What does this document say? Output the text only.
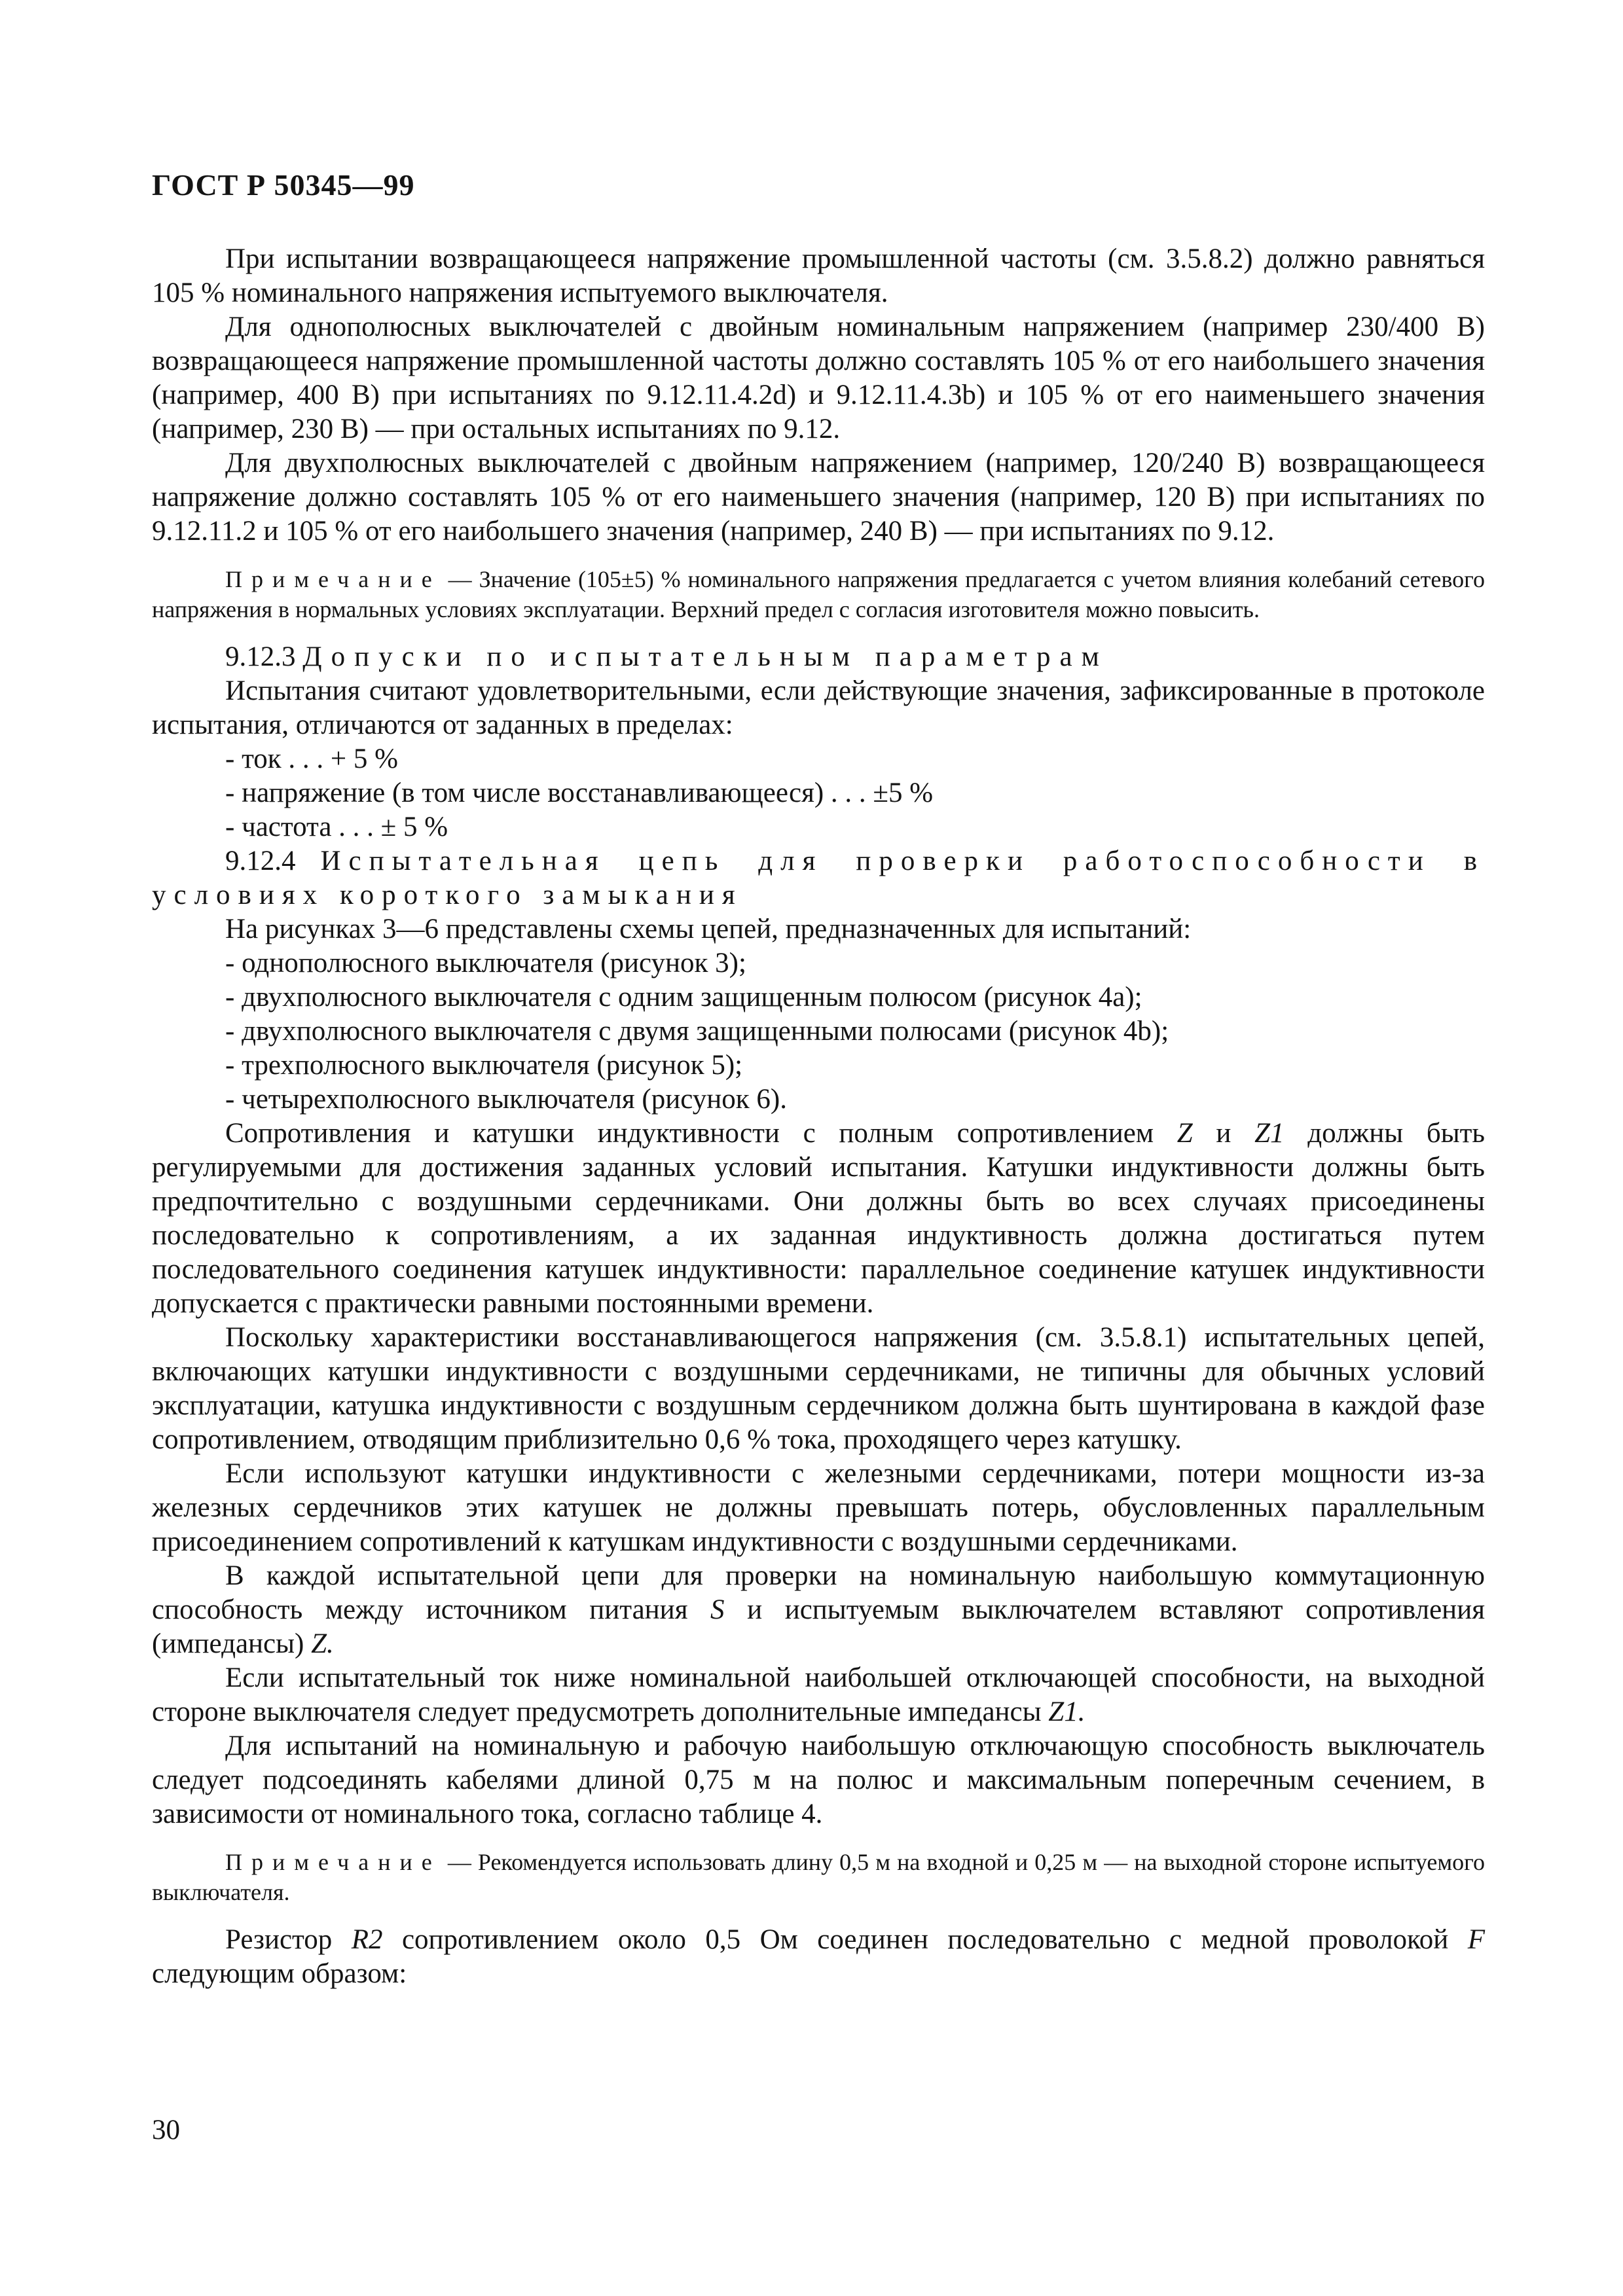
ГОСТ Р 50345—99

При испытании возвращающееся напряжение промышленной частоты (см. 3.5.8.2) должно равняться 105 % номинального напряжения испытуемого выключателя.

Для однополюсных выключателей с двойным номинальным напряжением (например 230/400 В) возвращающееся напряжение промышленной частоты должно составлять 105 % от его наибольшего значения (например, 400 В) при испытаниях по 9.12.11.4.2d) и 9.12.11.4.3b) и 105 % от его наименьшего значения (например, 230 В) — при остальных испытаниях по 9.12.

Для двухполюсных выключателей с двойным напряжением (например, 120/240 В) возвращающееся напряжение должно составлять 105 % от его наименьшего значения (например, 120 В) при испытаниях по 9.12.11.2 и 105 % от его наибольшего значения (например, 240 В) — при испытаниях по 9.12.

Примечание — Значение (105±5) % номинального напряжения предлагается с учетом влияния колебаний сетевого напряжения в нормальных условиях эксплуатации. Верхний предел с согласия изготовителя можно повысить.

9.12.3 Допуски по испытательным параметрам

Испытания считают удовлетворительными, если действующие значения, зафиксированные в протоколе испытания, отличаются от заданных в пределах:

- ток . . . + 5 %

- напряжение (в том числе восстанавливающееся) . . . ±5 %

- частота . . . ± 5 %

9.12.4 Испытательная цепь для проверки работоспособности в условиях короткого замыкания

На рисунках 3—6 представлены схемы цепей, предназначенных для испытаний:

- однополюсного выключателя (рисунок 3);

- двухполюсного выключателя с одним защищенным полюсом (рисунок 4а);

- двухполюсного выключателя с двумя защищенными полюсами (рисунок 4b);

- трехполюсного выключателя (рисунок 5);

- четырехполюсного выключателя (рисунок 6).

Сопротивления и катушки индуктивности с полным сопротивлением Z и Z1 должны быть регулируемыми для достижения заданных условий испытания. Катушки индуктивности должны быть предпочтительно с воздушными сердечниками. Они должны быть во всех случаях присоединены последовательно к сопротивлениям, а их заданная индуктивность должна достигаться путем последовательного соединения катушек индуктивности: параллельное соединение катушек индуктивности допускается с практически равными постоянными времени.

Поскольку характеристики восстанавливающегося напряжения (см. 3.5.8.1) испытательных цепей, включающих катушки индуктивности с воздушными сердечниками, не типичны для обычных условий эксплуатации, катушка индуктивности с воздушным сердечником должна быть шунтирована в каждой фазе сопротивлением, отводящим приблизительно 0,6 % тока, проходящего через катушку.

Если используют катушки индуктивности с железными сердечниками, потери мощности из-за железных сердечников этих катушек не должны превышать потерь, обусловленных параллельным присоединением сопротивлений к катушкам индуктивности с воздушными сердечниками.

В каждой испытательной цепи для проверки на номинальную наибольшую коммутационную способность между источником питания S и испытуемым выключателем вставляют сопротивления (импедансы) Z.

Если испытательный ток ниже номинальной наибольшей отключающей способности, на выходной стороне выключателя следует предусмотреть дополнительные импедансы Z1.

Для испытаний на номинальную и рабочую наибольшую отключающую способность выключатель следует подсоединять кабелями длиной 0,75 м на полюс и максимальным поперечным сечением, в зависимости от номинального тока, согласно таблице 4.

Примечание — Рекомендуется использовать длину 0,5 м на входной и 0,25 м — на выходной стороне испытуемого выключателя.

Резистор R2 сопротивлением около 0,5 Ом соединен последовательно с медной проволокой F следующим образом:

30
